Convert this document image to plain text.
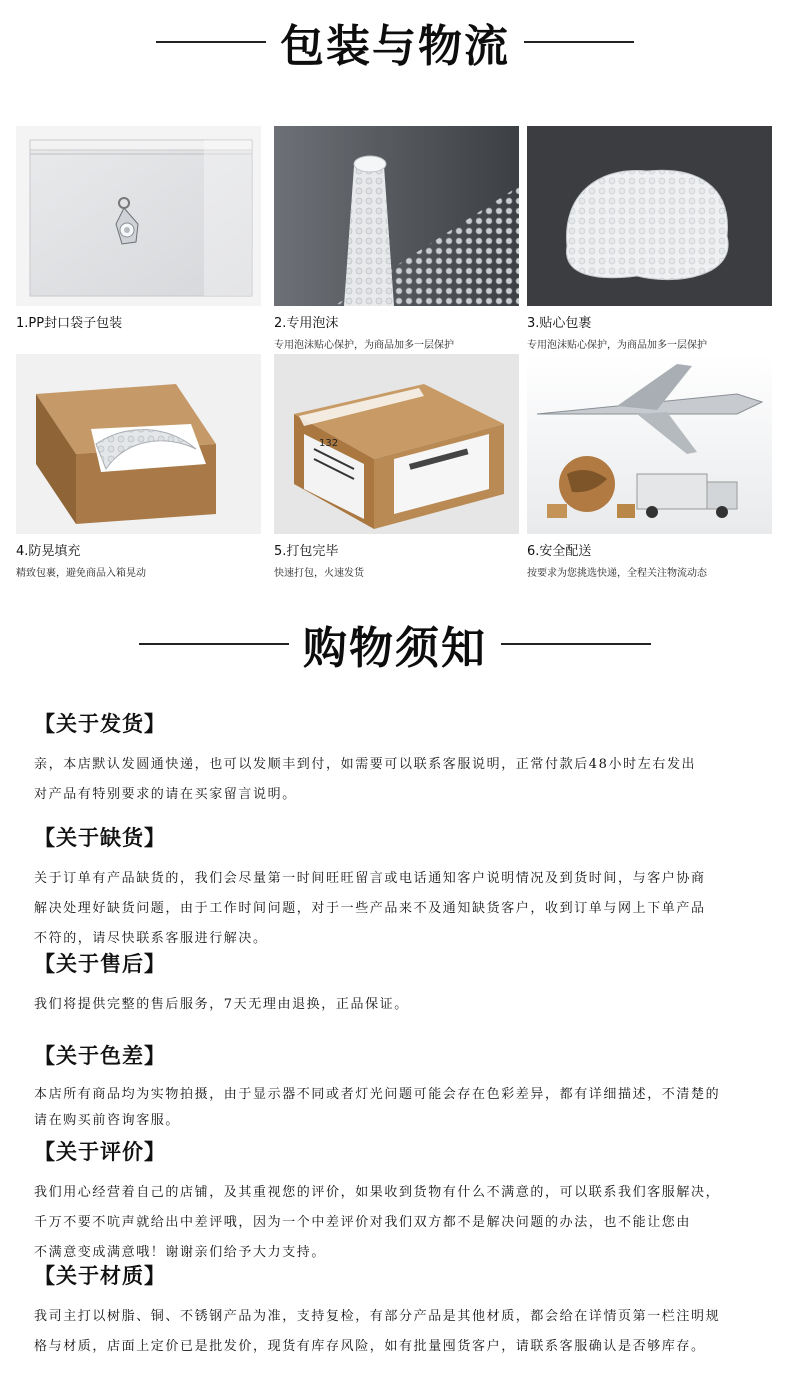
包装与物流
1.PP封口袋子包装	2.专用泡沫
专用泡沫贴心保护，为商品加多一层保护
3.贴心包裹
专用泡沫贴心保护，为商品加多一层保护
4.防晃填充
精致包裹，避免商品入箱晃动
132
5.打包完毕
快速打包，火速发货
6.安全配送
按要求为您挑选快递，全程关注物流动态
购物须知
【关于发货】

亲，本店默认发圆通快递，也可以发顺丰到付，如需要可以联系客服说明，正常付款后48小时左右发出
对产品有特别要求的请在买家留言说明。

【关于缺货】

关于订单有产品缺货的，我们会尽量第一时间旺旺留言或电话通知客户说明情况及到货时间，与客户协商
解决处理好缺货问题，由于工作时间问题，对于一些产品来不及通知缺货客户，收到订单与网上下单产品
不符的，请尽快联系客服进行解决。

【关于售后】

我们将提供完整的售后服务，7天无理由退换，正品保证。

【关于色差】

本店所有商品均为实物拍摄，由于显示器不同或者灯光问题可能会存在色彩差异，都有详细描述，不清楚的
请在购买前咨询客服。

【关于评价】

我们用心经营着自己的店铺，及其重视您的评价，如果收到货物有什么不满意的，可以联系我们客服解决，
千万不要不吭声就给出中差评哦，因为一个中差评价对我们双方都不是解决问题的办法，也不能让您由
不满意变成满意哦！谢谢亲们给予大力支持。

【关于材质】

我司主打以树脂、铜、不锈钢产品为准，支持复检，有部分产品是其他材质，都会给在详情页第一栏注明规
格与材质，店面上定价已是批发价，现货有库存风险，如有批量囤货客户，请联系客服确认是否够库存。
